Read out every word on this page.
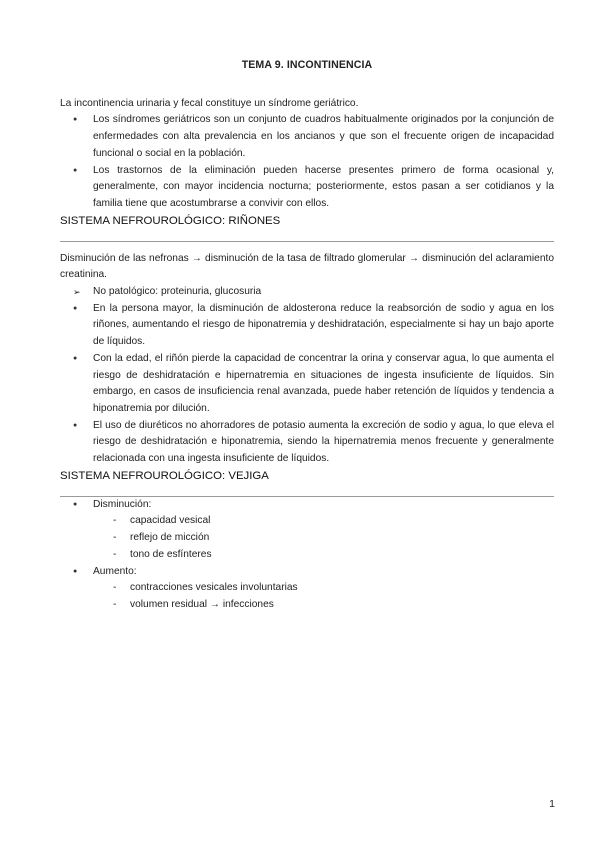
TEMA 9. INCONTINENCIA

La incontinencia urinaria y fecal constituye un síndrome geriátrico.

● Los síndromes geriátricos son un conjunto de cuadros habitualmente originados por la conjunción de enfermedades con alta prevalencia en los ancianos y que son el frecuente origen de incapacidad funcional o social en la población.
● Los trastornos de la eliminación pueden hacerse presentes primero de forma ocasional y, generalmente, con mayor incidencia nocturna; posteriormente, estos pasan a ser cotidianos y la familia tiene que acostumbrarse a convivir con ellos.
SISTEMA NEFROUROLÓGICO: RIÑONES

Disminución de las nefronas → disminución de la tasa de filtrado glomerular → disminución del aclaramiento creatinina.

➢ No patológico: proteinuria, glucosuria
● En la persona mayor, la disminución de aldosterona reduce la reabsorción de sodio y agua en los riñones, aumentando el riesgo de hiponatremia y deshidratación, especialmente si hay un bajo aporte de líquidos.
● Con la edad, el riñón pierde la capacidad de concentrar la orina y conservar agua, lo que aumenta el riesgo de deshidratación e hipernatremia en situaciones de ingesta insuficiente de líquidos. Sin embargo, en casos de insuficiencia renal avanzada, puede haber retención de líquidos y tendencia a hiponatremia por dilución.
● El uso de diuréticos no ahorradores de potasio aumenta la excreción de sodio y agua, lo que eleva el riesgo de deshidratación e hiponatremia, siendo la hipernatremia menos frecuente y generalmente relacionada con una ingesta insuficiente de líquidos.
SISTEMA NEFROUROLÓGICO: VEJIGA
● Disminución:
- capacidad vesical
- reflejo de micción
- tono de esfínteres
● Aumento:
- contracciones vesicales involuntarias
- volumen residual → infecciones
1
